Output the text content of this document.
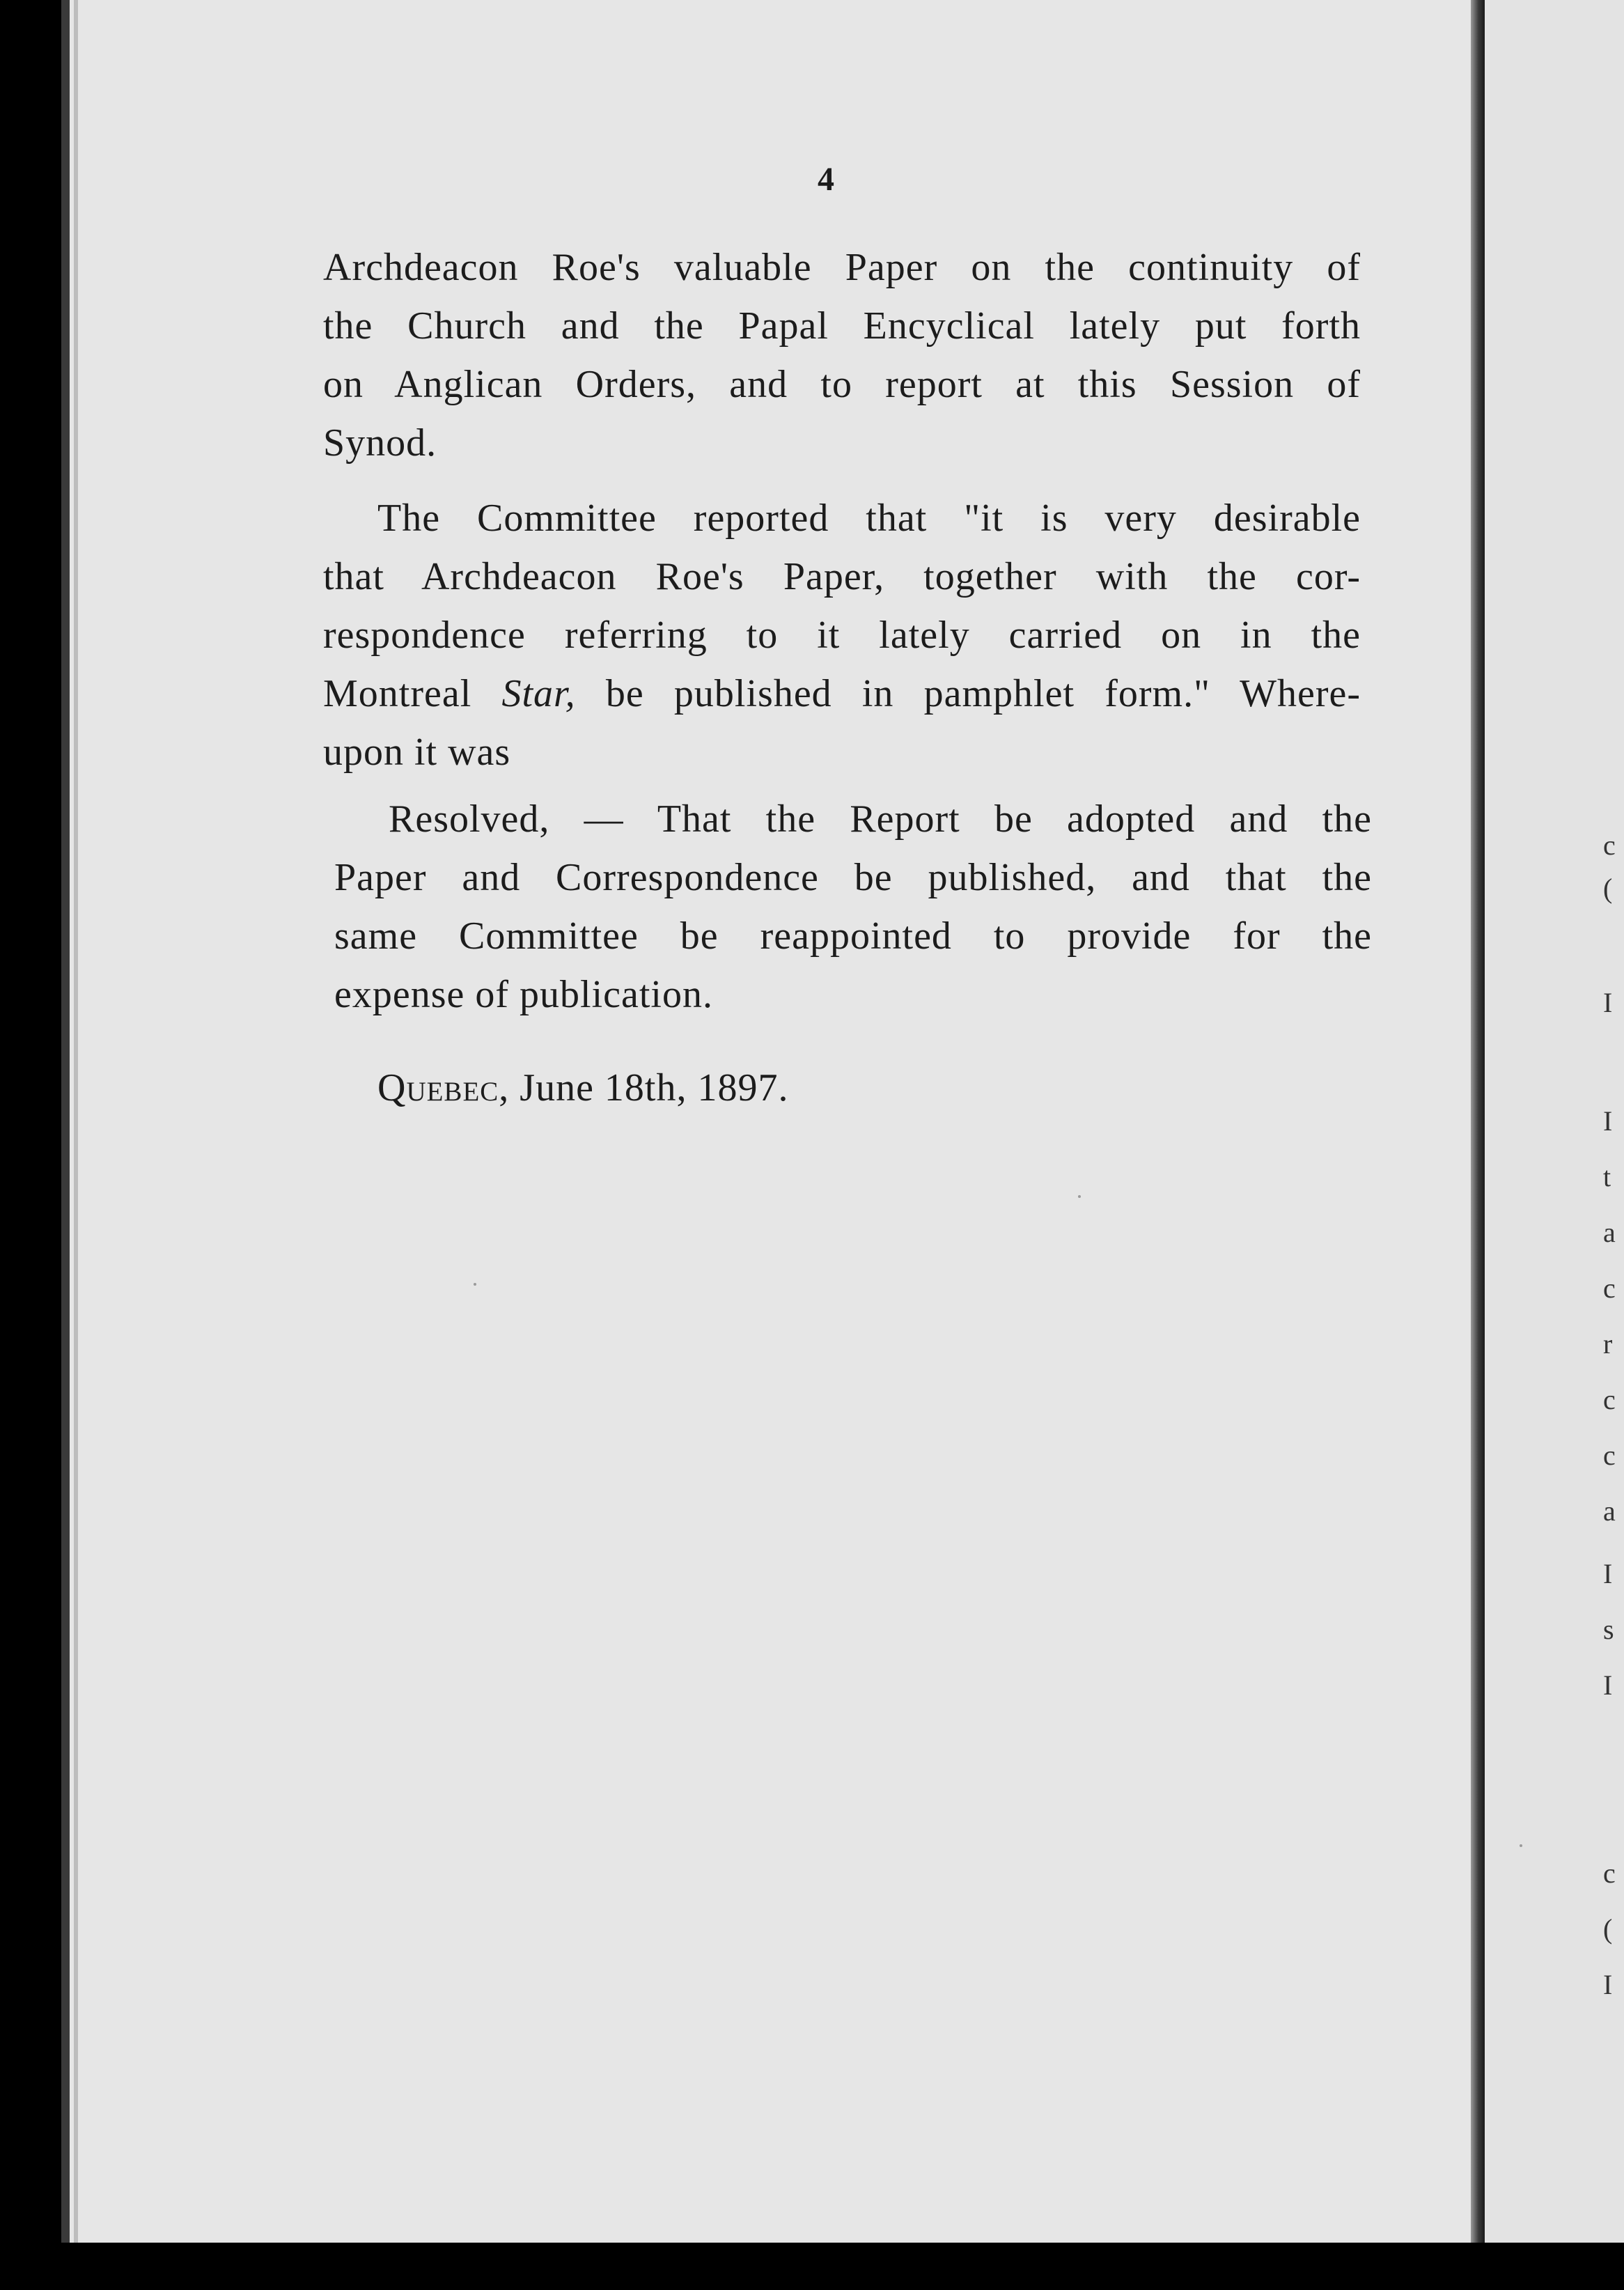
4
Archdeacon Roe's valuable Paper on the continuity of
the Church and the Papal Encyclical lately put forth
on Anglican Orders, and to report at this Session of
Synod.
The Committee reported that "it is very desirable
that Archdeacon Roe's Paper, together with the cor-
respondence referring to it lately carried on in the
Montreal Star, be published in pamphlet form." Where-
upon it was
Resolved, — That the Report be adopted and the
Paper and Correspondence be published, and that the
same Committee be reappointed to provide for the
expense of publication.
Quebec, June 18th, 1897.
c
(
I
I
t
a
c
r
c
c
a
I
s
I
c
(
I
